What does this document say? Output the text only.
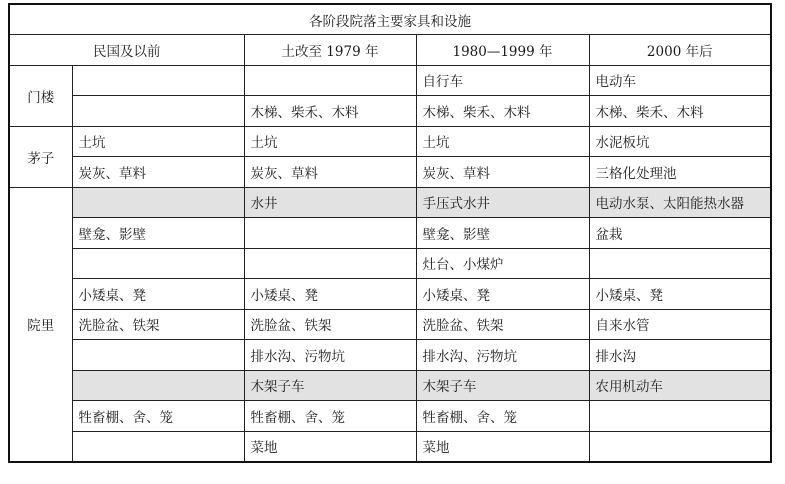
各阶段院落主要家具和设施				
民国及以前		土改至 1979 年	1980—1999 年	2000 年后
门楼			自行车	电动车
		木梯、柴禾、木料	木梯、柴禾、木料	木梯、柴禾、木料
茅子	土坑	土坑	土坑	水泥板坑
	炭灰、草料	炭灰、草料	炭灰、草料	三格化处理池
院里		水井	手压式水井	电动水泵、太阳能热水器
	壁龛、影壁		壁龛、影壁	盆栽
			灶台、小煤炉	
	小矮桌、凳	小矮桌、凳	小矮桌、凳	小矮桌、凳
	洗脸盆、铁架	洗脸盆、铁架	洗脸盆、铁架	自来水管
		排水沟、污物坑	排水沟、污物坑	排水沟
		木架子车	木架子车	农用机动车
	牲畜棚、舍、笼	牲畜棚、舍、笼	牲畜棚、舍、笼	
		菜地	菜地	
